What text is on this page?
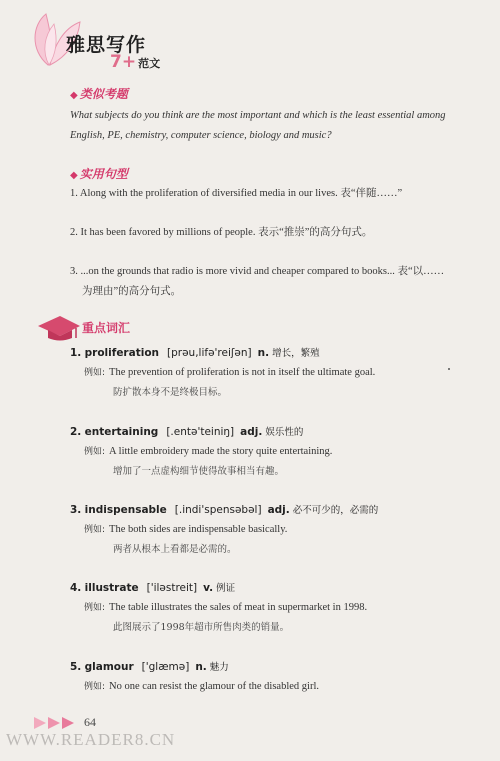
雅思写作
7+ 范文
◆ 类似考题
What subjects do you think are the most important and which is the least essential among English, PE, chemistry, computer science, biology and music?
◆ 实用句型
1. Along with the proliferation of diversified media in our lives. 表“伴随……”
2. It has been favored by millions of people. 表示“推崇”的高分句式。
3. ...on the grounds that radio is more vivid and cheaper compared to books... 表“以……
为理由”的高分句式。
重点词汇
1. proliferation [prəu,lifə'reiʃən] n. 增长，繁殖
例如: The prevention of proliferation is not in itself the ultimate goal.
防扩散本身不是终极目标。
2. entertaining [.entə'teiniŋ] adj. 娱乐性的
例如: A little embroidery made the story quite entertaining.
增加了一点虚构细节使得故事相当有趣。
3. indispensable [.indi'spensəbəl] adj. 必不可少的，必需的
例如: The both sides are indispensable basically.
两者从根本上看都是必需的。
4. illustrate ['iləstreit] v. 例证
例如: The table illustrates the sales of meat in supermarket in 1998.
此图展示了1998年超市所售肉类的销量。
5. glamour ['glæmə] n. 魅力
例如: No one can resist the glamour of the disabled girl.
64
WWW.READER8.CN
